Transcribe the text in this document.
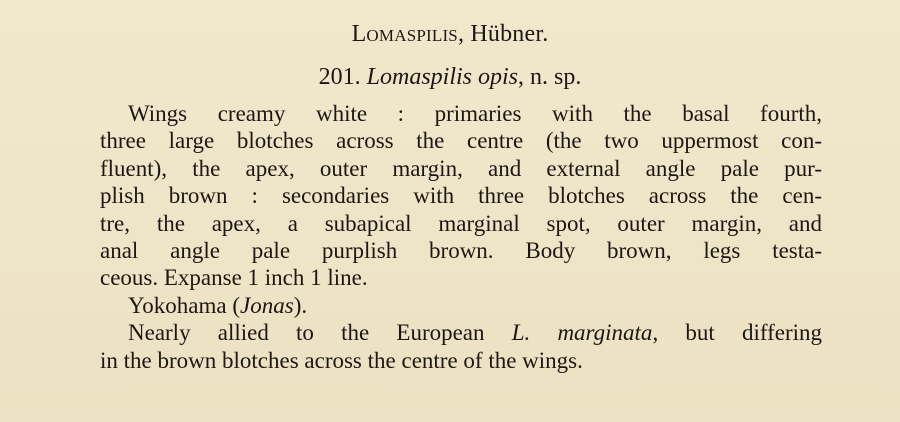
Lomaspilis, Hübner.
201. Lomaspilis opis, n. sp.
Wings creamy white : primaries with the basal fourth,
three large blotches across the centre (the two uppermost con-
fluent), the apex, outer margin, and external angle pale pur-
plish brown : secondaries with three blotches across the cen-
tre, the apex, a subapical marginal spot, outer margin, and
anal angle pale purplish brown. Body brown, legs testa-
ceous. Expanse 1 inch 1 line.
Yokohama (Jonas).
Nearly allied to the European L. marginata, but differing
in the brown blotches across the centre of the wings.
